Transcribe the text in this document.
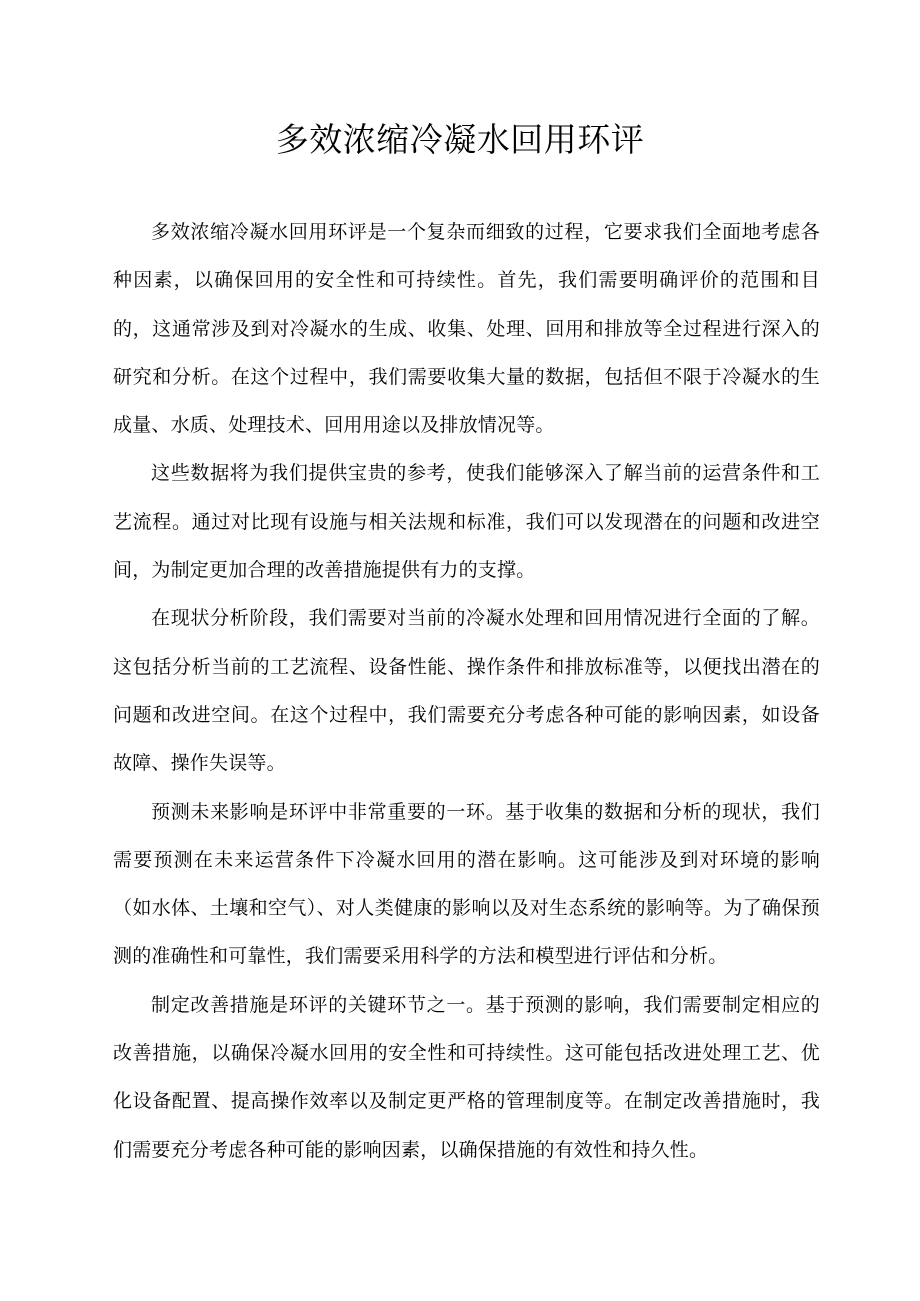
多效浓缩冷凝水回用环评

多效浓缩冷凝水回用环评是一个复杂而细致的过程，它要求我们全面地考虑各种因素，以确保回用的安全性和可持续性。首先，我们需要明确评价的范围和目的，这通常涉及到对冷凝水的生成、收集、处理、回用和排放等全过程进行深入的研究和分析。在这个过程中，我们需要收集大量的数据，包括但不限于冷凝水的生成量、水质、处理技术、回用用途以及排放情况等。

这些数据将为我们提供宝贵的参考，使我们能够深入了解当前的运营条件和工艺流程。通过对比现有设施与相关法规和标准，我们可以发现潜在的问题和改进空间，为制定更加合理的改善措施提供有力的支撑。

在现状分析阶段，我们需要对当前的冷凝水处理和回用情况进行全面的了解。这包括分析当前的工艺流程、设备性能、操作条件和排放标准等，以便找出潜在的问题和改进空间。在这个过程中，我们需要充分考虑各种可能的影响因素，如设备故障、操作失误等。

预测未来影响是环评中非常重要的一环。基于收集的数据和分析的现状，我们需要预测在未来运营条件下冷凝水回用的潜在影响。这可能涉及到对环境的影响（如水体、土壤和空气）、对人类健康的影响以及对生态系统的影响等。为了确保预测的准确性和可靠性，我们需要采用科学的方法和模型进行评估和分析。

制定改善措施是环评的关键环节之一。基于预测的影响，我们需要制定相应的改善措施，以确保冷凝水回用的安全性和可持续性。这可能包括改进处理工艺、优化设备配置、提高操作效率以及制定更严格的管理制度等。在制定改善措施时，我们需要充分考虑各种可能的影响因素，以确保措施的有效性和持久性。
